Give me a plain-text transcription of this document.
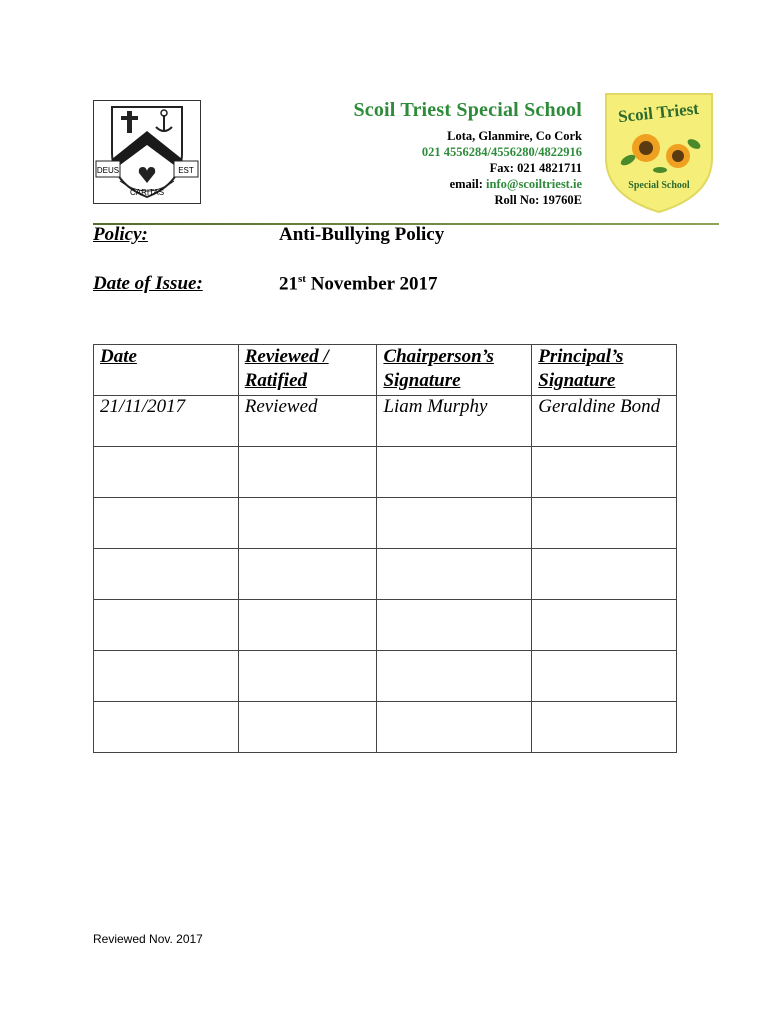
DEUS	EST
CARITAS
Scoil Triest Special School
Lota, Glanmire, Co Cork
021 4556284/4556280/4822916
Fax: 021 4821711
email: info@scoiltriest.ie
Roll No: 19760E
Scoil Triest
Special School
Policy:	Anti-Bullying Policy
Date of Issue:	21st November 2017
Date	Reviewed / Ratified	Chairperson’s Signature	Principal’s Signature
21/11/2017	Reviewed	Liam Murphy	Geraldine Bond

Reviewed Nov. 2017
